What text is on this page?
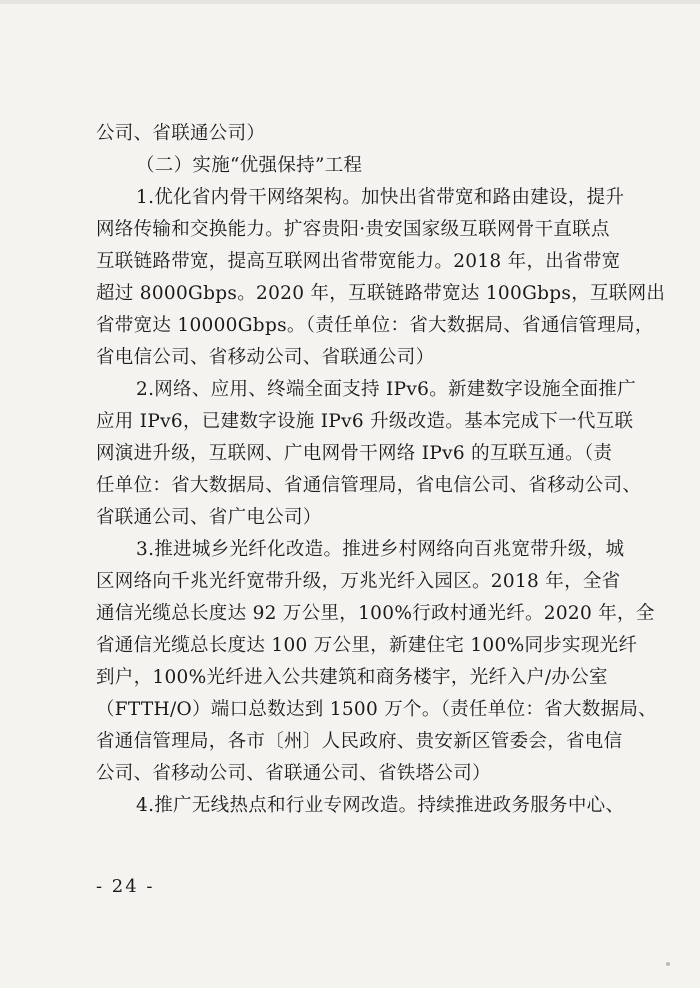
公司、省联通公司）
（二）实施“优强保持”工程
1.优化省内骨干网络架构。加快出省带宽和路由建设，提升
网络传输和交换能力。扩容贵阳·贵安国家级互联网骨干直联点
互联链路带宽，提高互联网出省带宽能力。2018 年，出省带宽
超过 8000Gbps。2020 年，互联链路带宽达 100Gbps，互联网出
省带宽达 10000Gbps。（责任单位：省大数据局、省通信管理局，
省电信公司、省移动公司、省联通公司）
2.网络、应用、终端全面支持 IPv6。新建数字设施全面推广
应用 IPv6，已建数字设施 IPv6 升级改造。基本完成下一代互联
网演进升级，互联网、广电网骨干网络 IPv6 的互联互通。（责
任单位：省大数据局、省通信管理局，省电信公司、省移动公司、
省联通公司、省广电公司）
3.推进城乡光纤化改造。推进乡村网络向百兆宽带升级，城
区网络向千兆光纤宽带升级，万兆光纤入园区。2018 年，全省
通信光缆总长度达 92 万公里，100%行政村通光纤。2020 年，全
省通信光缆总长度达 100 万公里，新建住宅 100%同步实现光纤
到户，100%光纤进入公共建筑和商务楼宇，光纤入户/办公室
（FTTH/O）端口总数达到 1500 万个。（责任单位：省大数据局、
省通信管理局，各市〔州〕人民政府、贵安新区管委会，省电信
公司、省移动公司、省联通公司、省铁塔公司）
4.推广无线热点和行业专网改造。持续推进政务服务中心、
- 24 -
